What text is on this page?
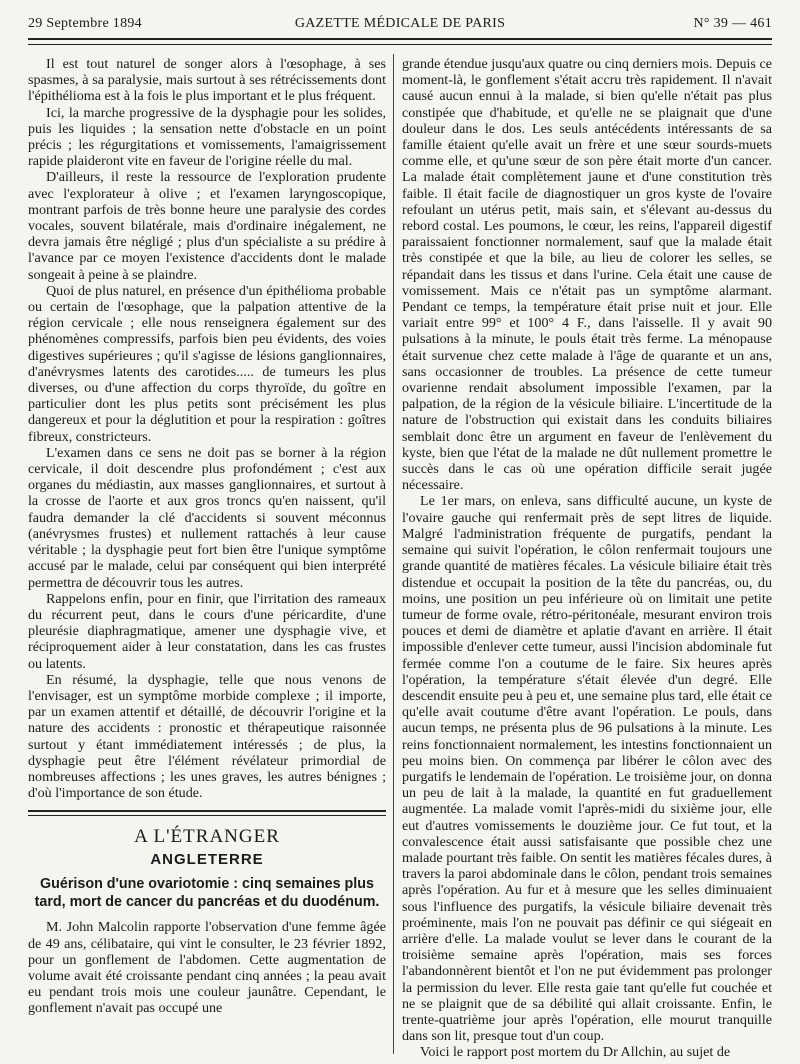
29 Septembre 1894	GAZETTE MÉDICALE DE PARIS	N° 39 — 461

Il est tout naturel de songer alors à l'œsophage, à ses spasmes, à sa paralysie, mais surtout à ses rétrécissements dont l'épithélioma est à la fois le plus important et le plus fréquent.

Ici, la marche progressive de la dysphagie pour les solides, puis les liquides ; la sensation nette d'obstacle en un point précis ; les régurgitations et vomissements, l'amaigrissement rapide plaideront vite en faveur de l'origine réelle du mal.

D'ailleurs, il reste la ressource de l'exploration prudente avec l'explorateur à olive ; et l'examen laryngoscopique, montrant parfois de très bonne heure une paralysie des cordes vocales, souvent bilatérale, mais d'ordinaire inégalement, ne devra jamais être négligé ; plus d'un spécialiste a su prédire à l'avance par ce moyen l'existence d'accidents dont le malade songeait à peine à se plaindre.

Quoi de plus naturel, en présence d'un épithélioma probable ou certain de l'œsophage, que la palpation attentive de la région cervicale ; elle nous renseignera également sur des phénomènes compressifs, parfois bien peu évidents, des voies digestives supérieures ; qu'il s'agisse de lésions ganglionnaires, d'anévrysmes latents des carotides..... de tumeurs les plus diverses, ou d'une affection du corps thyroïde, du goître en particulier dont les plus petits sont précisément les plus dangereux et pour la déglutition et pour la respiration : goîtres fibreux, constricteurs.

L'examen dans ce sens ne doit pas se borner à la région cervicale, il doit descendre plus profondément ; c'est aux organes du médiastin, aux masses ganglionnaires, et surtout à la crosse de l'aorte et aux gros troncs qu'en naissent, qu'il faudra demander la clé d'accidents si souvent méconnus (anévrysmes frustes) et nullement rattachés à leur cause véritable ; la dysphagie peut fort bien être l'unique symptôme accusé par le malade, celui par conséquent qui bien interprété permettra de découvrir tous les autres.

Rappelons enfin, pour en finir, que l'irritation des rameaux du récurrent peut, dans le cours d'une péricardite, d'une pleurésie diaphragmatique, amener une dysphagie vive, et réciproquement aider à leur constatation, dans les cas frustes ou latents.

En résumé, la dysphagie, telle que nous venons de l'envisager, est un symptôme morbide complexe ; il importe, par un examen attentif et détaillé, de découvrir l'origine et la nature des accidents : pronostic et thérapeutique raisonnée surtout y étant immédiatement intéressés ; de plus, la dysphagie peut être l'élément révélateur primordial de nombreuses affections ; les unes graves, les autres bénignes ; d'où l'importance de son étude.

A L'ÉTRANGER
ANGLETERRE
Guérison d'une ovariotomie : cinq semaines plus tard, mort de cancer du pancréas et du duodénum.

M. John Malcolin rapporte l'observation d'une femme âgée de 49 ans, célibataire, qui vint le consulter, le 23 février 1892, pour un gonflement de l'abdomen. Cette augmentation de volume avait été croissante pendant cinq années ; la peau avait eu pendant trois mois une couleur jaunâtre. Cependant, le gonflement n'avait pas occupé une

grande étendue jusqu'aux quatre ou cinq derniers mois. Depuis ce moment-là, le gonflement s'était accru très rapidement. Il n'avait causé aucun ennui à la malade, si bien qu'elle n'était pas plus constipée que d'habitude, et qu'elle ne se plaignait que d'une douleur dans le dos. Les seuls antécédents intéressants de sa famille étaient qu'elle avait un frère et une sœur sourds-muets comme elle, et qu'une sœur de son père était morte d'un cancer. La malade était complètement jaune et d'une constitution très faible. Il était facile de diagnostiquer un gros kyste de l'ovaire refoulant un utérus petit, mais sain, et s'élevant au-dessus du rebord costal. Les poumons, le cœur, les reins, l'appareil digestif paraissaient fonctionner normalement, sauf que la malade était très constipée et que la bile, au lieu de colorer les selles, se répandait dans les tissus et dans l'urine. Cela était une cause de vomissement. Mais ce n'était pas un symptôme alarmant. Pendant ce temps, la température était prise nuit et jour. Elle variait entre 99° et 100° 4 F., dans l'aisselle. Il y avait 90 pulsations à la minute, le pouls était très ferme. La ménopause était survenue chez cette malade à l'âge de quarante et un ans, sans occasionner de troubles. La présence de cette tumeur ovarienne rendait absolument impossible l'examen, par la palpation, de la région de la vésicule biliaire. L'incertitude de la nature de l'obstruction qui existait dans les conduits biliaires semblait donc être un argument en faveur de l'enlèvement du kyste, bien que l'état de la malade ne dût nullement promettre le succès dans le cas où une opération difficile serait jugée nécessaire.

Le 1er mars, on enleva, sans difficulté aucune, un kyste de l'ovaire gauche qui renfermait près de sept litres de liquide. Malgré l'administration fréquente de purgatifs, pendant la semaine qui suivit l'opération, le côlon renfermait toujours une grande quantité de matières fécales. La vésicule biliaire était très distendue et occupait la position de la tête du pancréas, ou, du moins, une position un peu inférieure où on limitait une petite tumeur de forme ovale, rétro-péritonéale, mesurant environ trois pouces et demi de diamètre et aplatie d'avant en arrière. Il était impossible d'enlever cette tumeur, aussi l'incision abdominale fut fermée comme l'on a coutume de le faire. Six heures après l'opération, la température s'était élevée d'un degré. Elle descendit ensuite peu à peu et, une semaine plus tard, elle était ce qu'elle avait coutume d'être avant l'opération. Le pouls, dans aucun temps, ne présenta plus de 96 pulsations à la minute. Les reins fonctionnaient normalement, les intestins fonctionnaient un peu moins bien. On commença par libérer le côlon avec des purgatifs le lendemain de l'opération. Le troisième jour, on donna un peu de lait à la malade, la quantité en fut graduellement augmentée. La malade vomit l'après-midi du sixième jour, elle eut d'autres vomissements le douzième jour. Ce fut tout, et la convalescence était aussi satisfaisante que possible chez une malade pourtant très faible. On sentit les matières fécales dures, à travers la paroi abdominale dans le côlon, pendant trois semaines après l'opération. Au fur et à mesure que les selles diminuaient sous l'influence des purgatifs, la vésicule biliaire devenait très proéminente, mais l'on ne pouvait pas définir ce qui siégeait en arrière d'elle. La malade voulut se lever dans le courant de la troisième semaine après l'opération, mais ses forces l'abandonnèrent bientôt et l'on ne put évidemment pas prolonger la permission du lever. Elle resta gaie tant qu'elle fut couchée et ne se plaignit que de sa débilité qui allait croissante. Enfin, le trente-quatrième jour après l'opération, elle mourut tranquille dans son lit, presque tout d'un coup.

Voici le rapport post mortem du Dr Allchin, au sujet de
